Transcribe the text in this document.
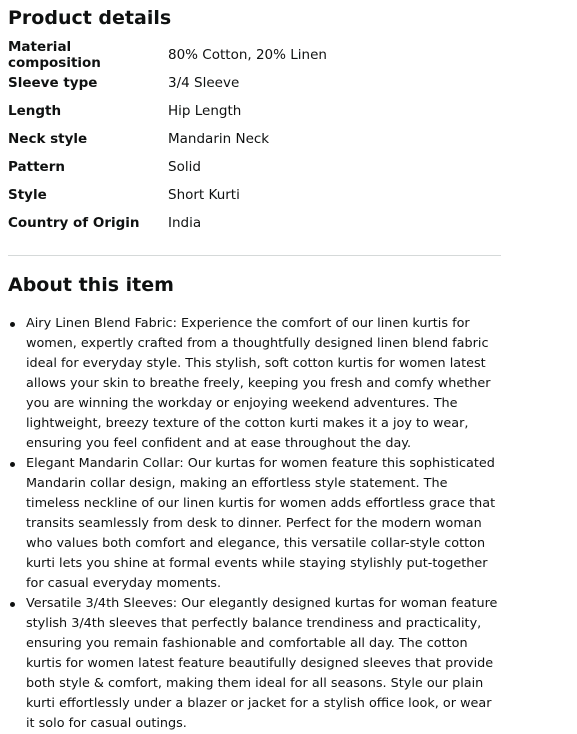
Product details
Material composition	80% Cotton, 20% Linen
Sleeve type	3/4 Sleeve
Length	Hip Length
Neck style	Mandarin Neck
Pattern	Solid
Style	Short Kurti
Country of Origin	India
About this item
Airy Linen Blend Fabric: Experience the comfort of our linen kurtis for women, expertly crafted from a thoughtfully designed linen blend fabric ideal for everyday style. This stylish, soft cotton kurtis for women latest allows your skin to breathe freely, keeping you fresh and comfy whether you are winning the workday or enjoying weekend adventures. The lightweight, breezy texture of the cotton kurti makes it a joy to wear, ensuring you feel confident and at ease throughout the day.
Elegant Mandarin Collar: Our kurtas for women feature this sophisticated Mandarin collar design, making an effortless style statement. The timeless neckline of our linen kurtis for women adds effortless grace that transits seamlessly from desk to dinner. Perfect for the modern woman who values both comfort and elegance, this versatile collar-style cotton kurti lets you shine at formal events while staying stylishly put-together for casual everyday moments.
Versatile 3/4th Sleeves: Our elegantly designed kurtas for woman feature stylish 3/4th sleeves that perfectly balance trendiness and practicality, ensuring you remain fashionable and comfortable all day. The cotton kurtis for women latest feature beautifully designed sleeves that provide both style & comfort, making them ideal for all seasons. Style our plain kurti effortlessly under a blazer or jacket for a stylish office look, or wear it solo for casual outings.
